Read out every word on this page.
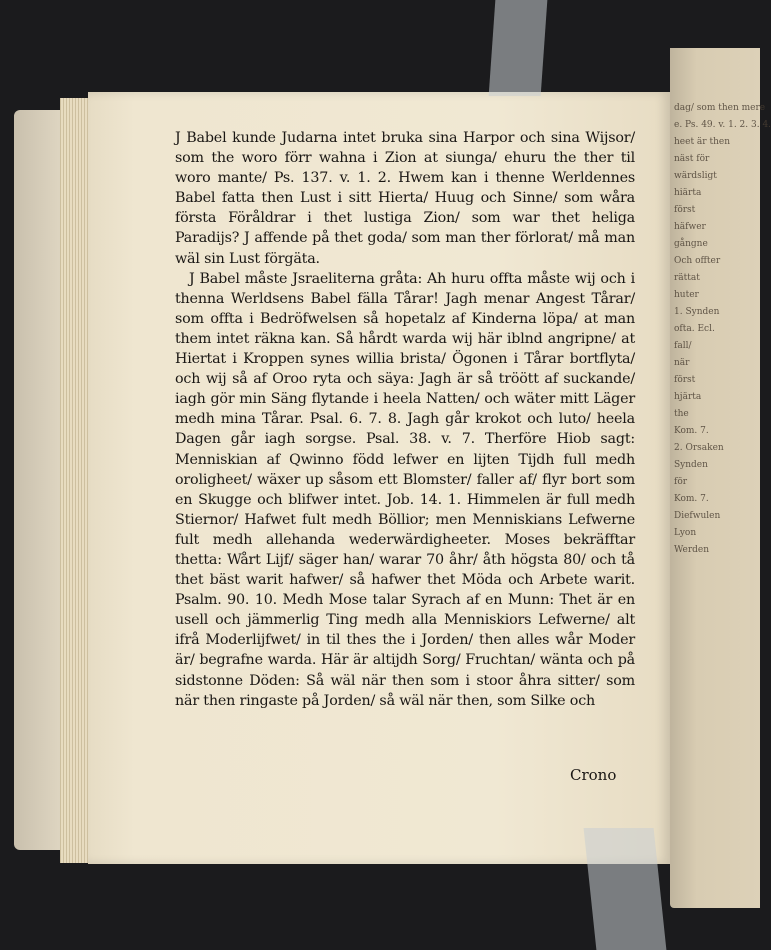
dag/ som then mere
e. Ps. 49. v. 1. 2. 3. 4.
heet är then
näst för
wärdsligt
hiärta
först
häfwer
gångne
Och offter
rättat
huter
1. Synden
ofta. Ecl.
fall/
när
först
hjärta
the
Kom. 7.
2. Orsaken
Synden
för
Kom. 7.
Diefwulen
Lyon
Werden

J Babel kunde Judarna intet bruka sina Harpor och sina Wijsor/ som the woro förr wahna i Zion at siunga/ ehuru the ther til woro mante/ Ps. 137. v. 1. 2. Hwem kan i thenne Werldennes Babel fatta then Lust i sitt Hierta/ Huug och Sinne/ som wåra första Föråldrar i thet lustiga Zion/ som war thet heliga Paradijs? J affende på thet goda/ som man ther förlorat/ må man wäl sin Lust förgäta.

J Babel måste Jsraeliterna gråta: Ah huru offta måste wij och i thenna Werldsens Babel fälla Tårar! Jagh menar Angest Tårar/ som offta i Bedröfwelsen så hopetalz af Kinderna löpa/ at man them intet räkna kan. Så hårdt warda wij här iblnd angripne/ at Hiertat i Kroppen synes willia brista/ Ögonen i Tårar bortflyta/ och wij så af Oroo ryta och säya: Jagh är så tröött af suckande/ iagh gör min Säng flytande i heela Natten/ och wäter mitt Läger medh mina Tårar. Psal. 6. 7. 8. Jagh går krokot och luto/ heela Dagen går iagh sorgse. Psal. 38. v. 7. Therföre Hiob sagt: Menniskian af Qwinno född lefwer en lijten Tijdh full medh oroligheet/ wäxer up såsom ett Blomster/ faller af/ flyr bort som en Skugge och blifwer intet. Job. 14. 1. Himmelen är full medh Stiernor/ Hafwet fult medh Böllior; men Menniskians Lefwerne fult medh allehanda wederwärdigheeter. Moses bekräfftar thetta: Wårt Lijf/ säger han/ warar 70 åhr/ åth högsta 80/ och tå thet bäst warit hafwer/ så hafwer thet Möda och Arbete warit. Psalm. 90. 10. Medh Mose talar Syrach af en Munn: Thet är en usell och jämmerlig Ting medh alla Menniskiors Lefwerne/ alt ifrå Moderlijfwet/ in til thes the i Jorden/ then alles wår Moder är/ begrafne warda. Här är altijdh Sorg/ Fruchtan/ wänta och på sidstonne Döden: Så wäl när then som i stoor åhra sitter/ som när then ringaste på Jorden/ så wäl när then, som Silke och

Crono
